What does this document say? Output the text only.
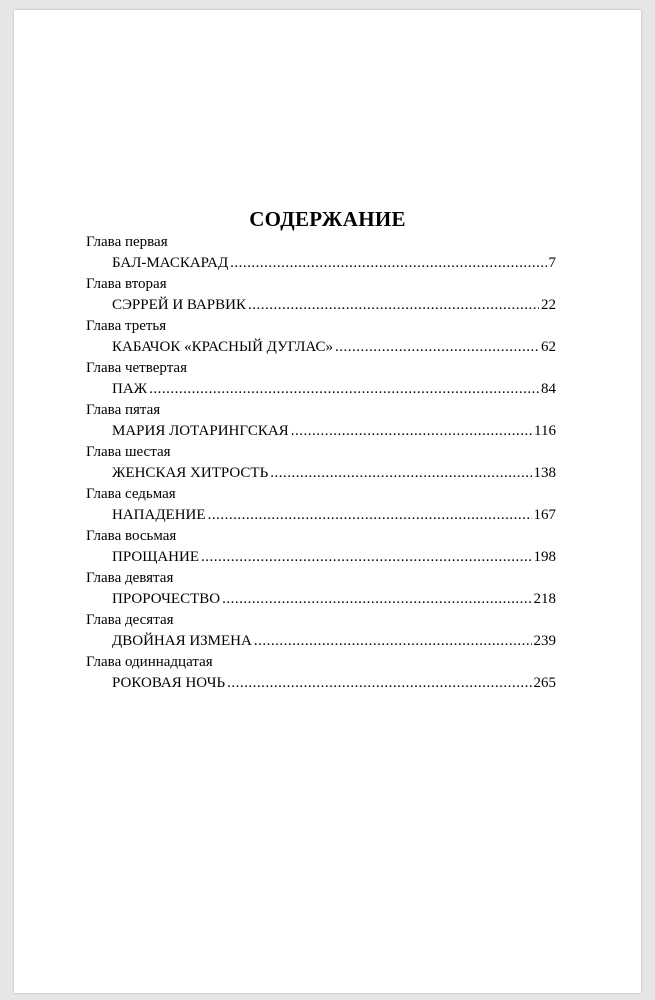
СОДЕРЖАНИЕ
Глава первая
БАЛ-МАСКАРАД .....	7
Глава вторая
СЭРРЕЙ И ВАРВИК .....	22
Глава третья
КАБАЧОК «КРАСНЫЙ ДУГЛАС» .....	62
Глава четвертая
ПАЖ .....	84
Глава пятая
МАРИЯ ЛОТАРИНГСКАЯ .....	116
Глава шестая
ЖЕНСКАЯ ХИТРОСТЬ .....	138
Глава седьмая
НАПАДЕНИЕ .....	167
Глава восьмая
ПРОЩАНИЕ .....	198
Глава девятая
ПРОРОЧЕСТВО .....	218
Глава десятая
ДВОЙНАЯ ИЗМЕНА .....	239
Глава одиннадцатая
РОКОВАЯ НОЧЬ .....	265
